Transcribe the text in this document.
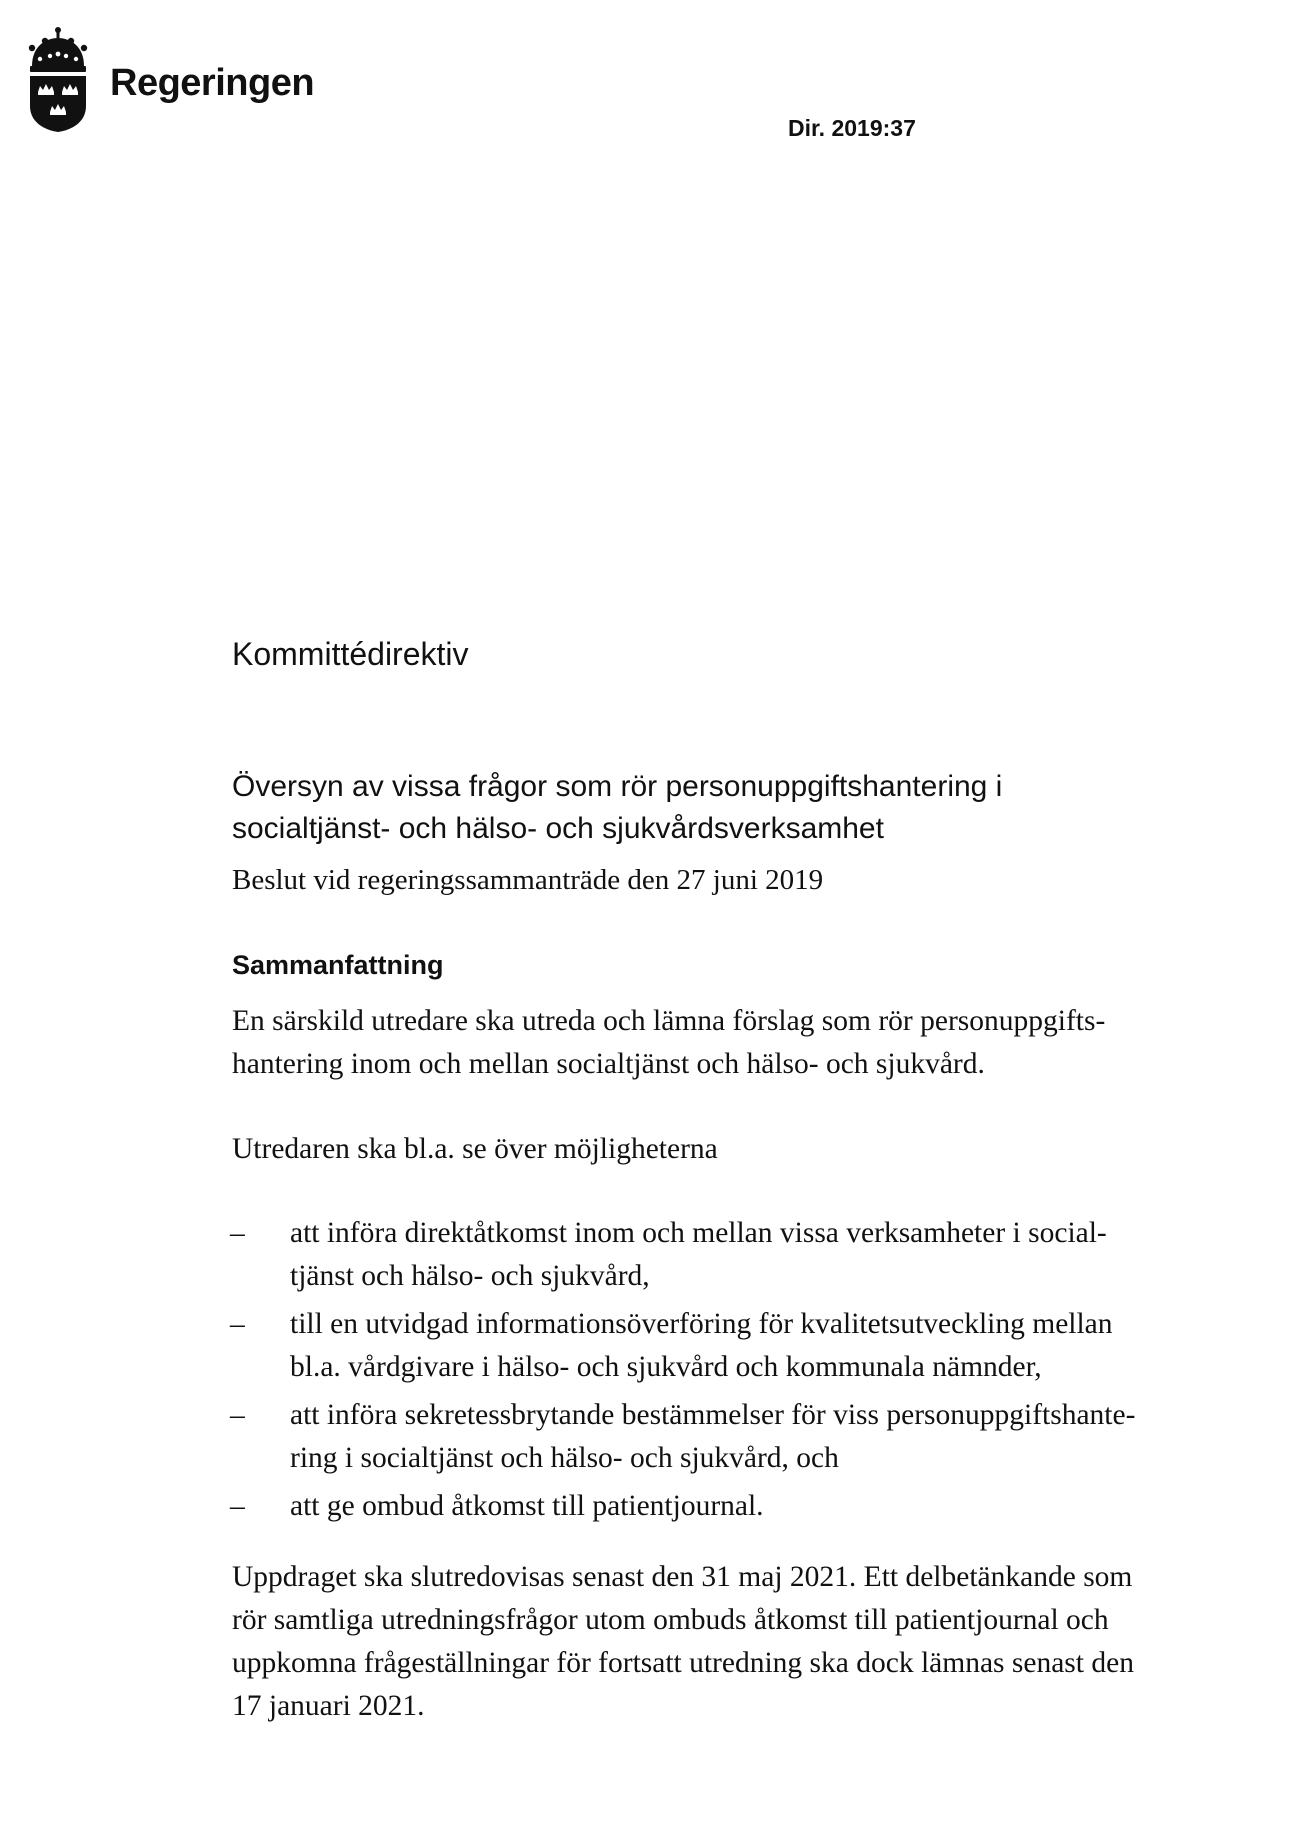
Regeringen
Dir. 2019:37
Kommittédirektiv
Översyn av vissa frågor som rör personuppgiftshantering i
socialtjänst- och hälso- och sjukvårdsverksamhet
Beslut vid regeringssammanträde den 27 juni 2019
Sammanfattning
En särskild utredare ska utreda och lämna förslag som rör personuppgifts-
hantering inom och mellan socialtjänst och hälso- och sjukvård.
Utredaren ska bl.a. se över möjligheterna
– att införa direktåtkomst inom och mellan vissa verksamheter i social-
tjänst och hälso- och sjukvård,
– till en utvidgad informationsöverföring för kvalitetsutveckling mellan
bl.a. vårdgivare i hälso- och sjukvård och kommunala nämnder,
– att införa sekretessbrytande bestämmelser för viss personuppgiftshante-
ring i socialtjänst och hälso- och sjukvård, och
– att ge ombud åtkomst till patientjournal.
Uppdraget ska slutredovisas senast den 31 maj 2021. Ett delbetänkande som
rör samtliga utredningsfrågor utom ombuds åtkomst till patientjournal och
uppkomna frågeställningar för fortsatt utredning ska dock lämnas senast den
17 januari 2021.
